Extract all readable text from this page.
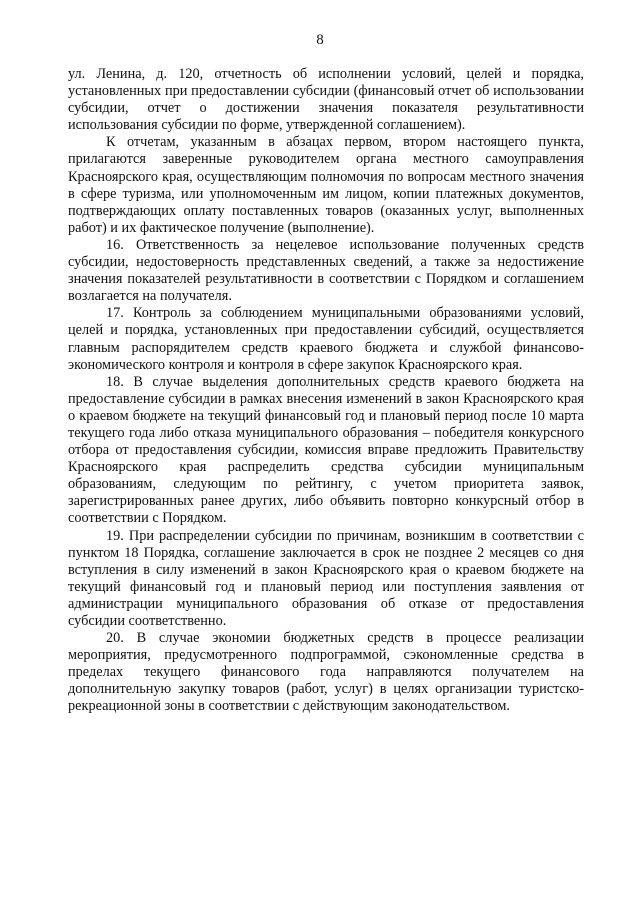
8

ул. Ленина, д. 120, отчетность об исполнении условий, целей и порядка, установленных при предоставлении субсидии (финансовый отчет об использовании субсидии, отчет о достижении значения показателя результативности использования субсидии по форме, утвержденной соглашением).

К отчетам, указанным в абзацах первом, втором настоящего пункта, прилагаются заверенные руководителем органа местного самоуправления Красноярского края, осуществляющим полномочия по вопросам местного значения в сфере туризма, или уполномоченным им лицом, копии платежных документов, подтверждающих оплату поставленных товаров (оказанных услуг, выполненных работ) и их фактическое получение (выполнение).

16. Ответственность за нецелевое использование полученных средств субсидии, недостоверность представленных сведений, а также за недостижение значения показателей результативности в соответствии с Порядком и соглашением возлагается на получателя.

17. Контроль за соблюдением муниципальными образованиями условий, целей и порядка, установленных при предоставлении субсидий, осуществляется главным распорядителем средств краевого бюджета и службой финансово-экономического контроля и контроля в сфере закупок Красноярского края.

18. В случае выделения дополнительных средств краевого бюджета на предоставление субсидии в рамках внесения изменений в закон Красноярского края о краевом бюджете на текущий финансовый год и плановый период после 10 марта текущего года либо отказа муниципального образования – победителя конкурсного отбора от предоставления субсидии, комиссия вправе предложить Правительству Красноярского края распределить средства субсидии муниципальным образованиям, следующим по рейтингу, с учетом приоритета заявок, зарегистрированных ранее других, либо объявить повторно конкурсный отбор в соответствии с Порядком.

19. При распределении субсидии по причинам, возникшим в соответствии с пунктом 18 Порядка, соглашение заключается в срок не позднее 2 месяцев со дня вступления в силу изменений в закон Красноярского края о краевом бюджете на текущий финансовый год и плановый период или поступления заявления от администрации муниципального образования об отказе от предоставления субсидии соответственно.

20. В случае экономии бюджетных средств в процессе реализации мероприятия, предусмотренного подпрограммой, сэкономленные средства в пределах текущего финансового года направляются получателем на дополнительную закупку товаров (работ, услуг) в целях организации туристско-рекреационной зоны в соответствии с действующим законодательством.
